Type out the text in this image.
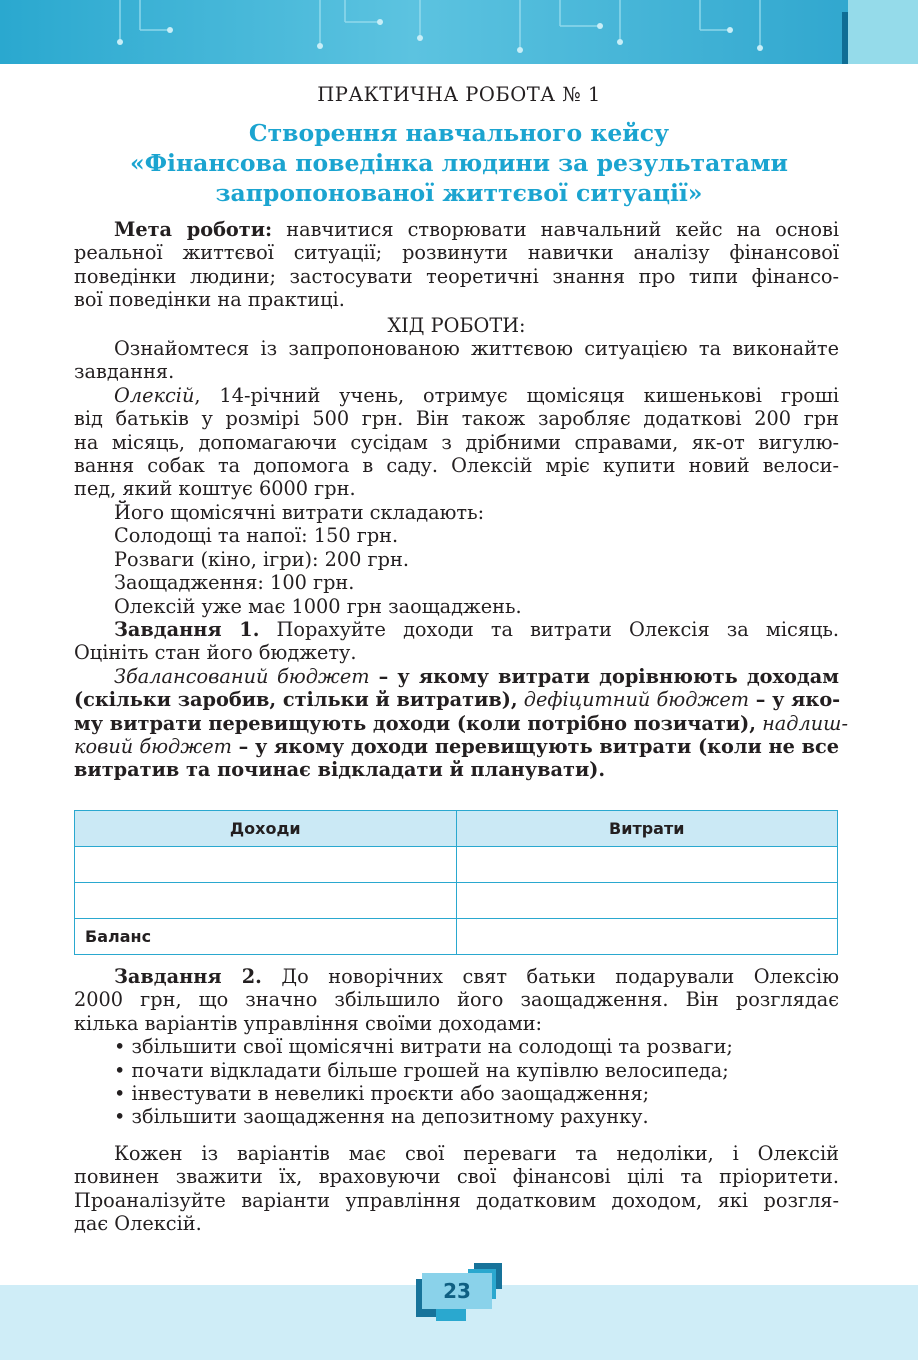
ПРАКТИЧНА РОБОТА № 1
Створення навчального кейсу
«Фінансова поведінка людини за результатами
запропонованої життєвої ситуації»
Мета роботи: навчитися створювати навчальний кейс на основі
реальної життєвої ситуації; розвинути навички аналізу фінансової
поведінки людини; застосувати теоретичні знання про типи фінансо-
вої поведінки на практиці.
ХІД РОБОТИ:
Ознайомтеся із запропонованою життєвою ситуацією та виконайте
завдання.
Олексій, 14-річний учень, отримує щомісяця кишенькові гроші
від батьків у розмірі 500 грн. Він також заробляє додаткові 200 грн
на місяць, допомагаючи сусідам з дрібними справами, як-от вигулю-
вання собак та допомога в саду. Олексій мріє купити новий велоси-
пед, який коштує 6000 грн.
Його щомісячні витрати складають:
Солодощі та напої: 150 грн.
Розваги (кіно, ігри): 200 грн.
Заощадження: 100 грн.
Олексій уже має 1000 грн заощаджень.
Завдання 1. Порахуйте доходи та витрати Олексія за місяць.
Оцініть стан його бюджету.
Збалансований бюджет – у якому витрати дорівнюють доходам
(скільки заробив, стільки й витратив), дефіцитний бюджет – у яко-
му витрати перевищують доходи (коли потрібно позичати), надлиш-
ковий бюджет – у якому доходи перевищують витрати (коли не все
витратив та починає відкладати й планувати).
Доходи	Витрати

Баланс	
Завдання 2. До новорічних свят батьки подарували Олексію
2000 грн, що значно збільшило його заощадження. Він розглядає
кілька варіантів управління своїми доходами:
• збільшити свої щомісячні витрати на солодощі та розваги;
• почати відкладати більше грошей на купівлю велосипеда;
• інвестувати в невеликі проєкти або заощадження;
• збільшити заощадження на депозитному рахунку.
Кожен із варіантів має свої переваги та недоліки, і Олексій
повинен зважити їх, враховуючи свої фінансові цілі та пріоритети.
Проаналізуйте варіанти управління додатковим доходом, які розгля-
дає Олексій.
23
